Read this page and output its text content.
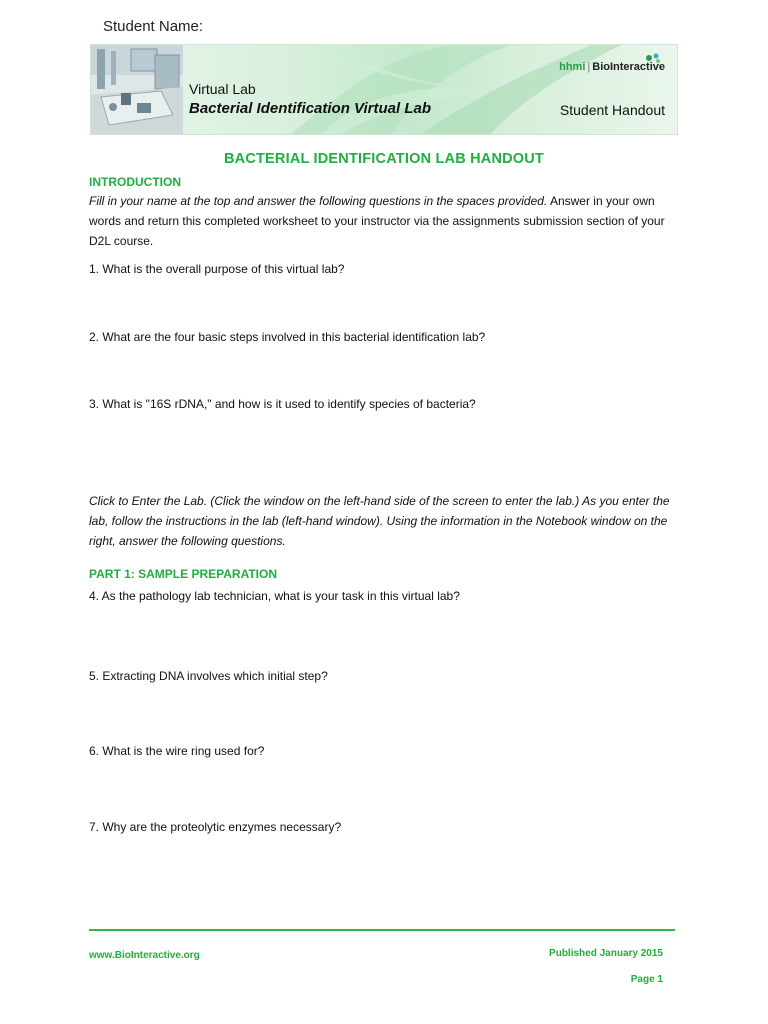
Student Name:
hhmi | BioInteractive
Virtual Lab
Bacterial Identification Virtual Lab	Student Handout
BACTERIAL IDENTIFICATION LAB HANDOUT
INTRODUCTION
Fill in your name at the top and answer the following questions in the spaces provided. Answer in your own words and return this completed worksheet to your instructor via the assignments submission section of your D2L course.
1. What is the overall purpose of this virtual lab?
2. What are the four basic steps involved in this bacterial identification lab?
3. What is "16S rDNA," and how is it used to identify species of bacteria?
Click to Enter the Lab. (Click the window on the left-hand side of the screen to enter the lab.) As you enter the lab, follow the instructions in the lab (left-hand window). Using the information in the Notebook window on the right, answer the following questions.
PART 1: SAMPLE PREPARATION
4. As the pathology lab technician, what is your task in this virtual lab?
5. Extracting DNA involves which initial step?
6. What is the wire ring used for?
7. Why are the proteolytic enzymes necessary?
www.BioInteractive.org	Published January 2015
Page 1
